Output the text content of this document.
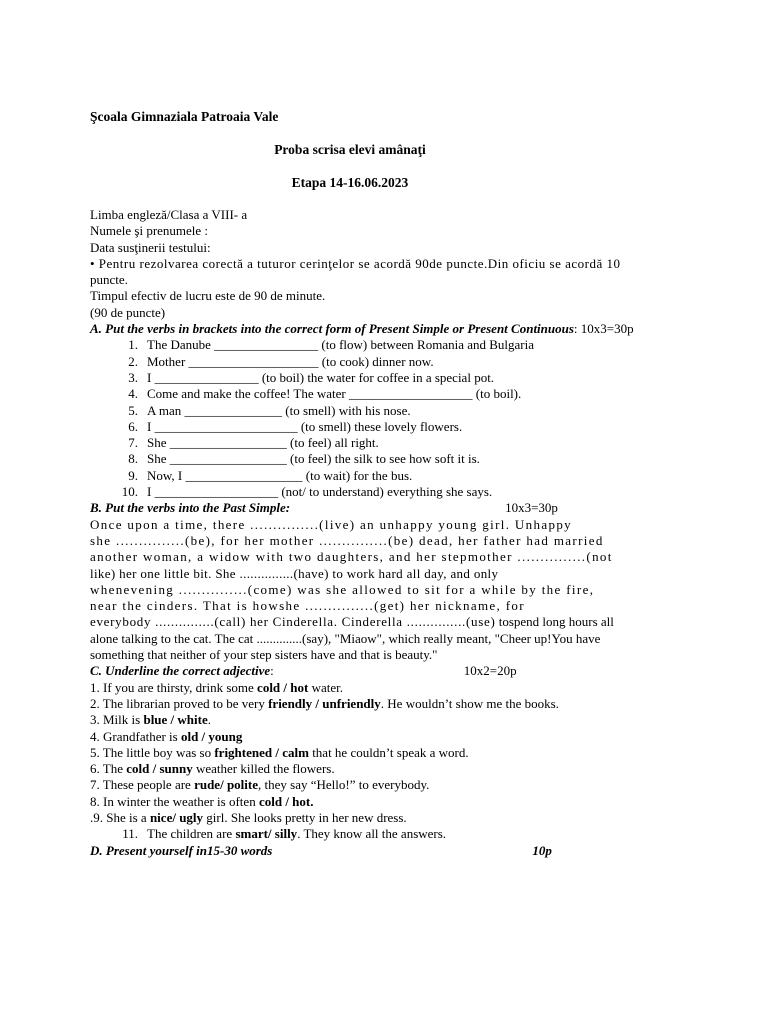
Şcoala Gimnaziala Patroaia Vale
Proba scrisa elevi amânaţi
Etapa 14-16.06.2023
Limba engleză/Clasa a VIII- a
Numele şi prenumele :
Data susţinerii testului:
• Pentru rezolvarea corectă a tuturor cerinţelor se acordă 90de puncte.Din oficiu se acordă 10
puncte.
Timpul efectiv de lucru este de 90 de minute.
(90 de puncte)
A. Put the verbs in brackets into the correct form of Present Simple or Present Continuous: 10x3=30p
1. The Danube ________________ (to flow) between Romania and Bulgaria
2. Mother ____________________ (to cook) dinner now.
3. I ________________ (to boil) the water for coffee in a special pot.
4. Come and make the coffee! The water ___________________ (to boil).
5. A man _______________ (to smell) with his nose.
6. I ______________________ (to smell) these lovely flowers.
7. She __________________ (to feel) all right.
8. She __________________ (to feel) the silk to see how soft it is.
9. Now, I __________________ (to wait) for the bus.
10. I ___________________ (not/ to understand) everything she says.
B. Put the verbs into the Past Simple:	10x3=30p
Once upon a time, there ...............(live) an unhappy young girl. Unhappy
she ...............(be), for her mother ...............(be) dead, her father had married
another woman, a widow with two daughters, and her stepmother ...............(not
like) her one little bit. She ...............(have) to work hard all day, and only
whenevening ...............(come) was she allowed to sit for a while by the fire,
near the cinders. That is howshe ...............(get) her nickname, for
everybody ...............(call) her Cinderella. Cinderella ...............(use) tospend long hours all
alone talking to the cat. The cat ..............(say), "Miaow", which really meant, "Cheer up!You have
something that neither of your step sisters have and that is beauty."
C. Underline the correct adjective:	10x2=20p
1. If you are thirsty, drink some cold / hot water.
2. The librarian proved to be very friendly / unfriendly. He wouldn’t show me the books.
3. Milk is blue / white.
4. Grandfather is old / young
5. The little boy was so frightened / calm that he couldn’t speak a word.
6. The cold / sunny weather killed the flowers.
7. These people are rude/ polite, they say “Hello!” to everybody.
8. In winter the weather is often cold / hot.
.9. She is a nice/ ugly girl. She looks pretty in her new dress.
11. The children are smart/ silly. They know all the answers.
D. Present yourself in15-30 words	10p
